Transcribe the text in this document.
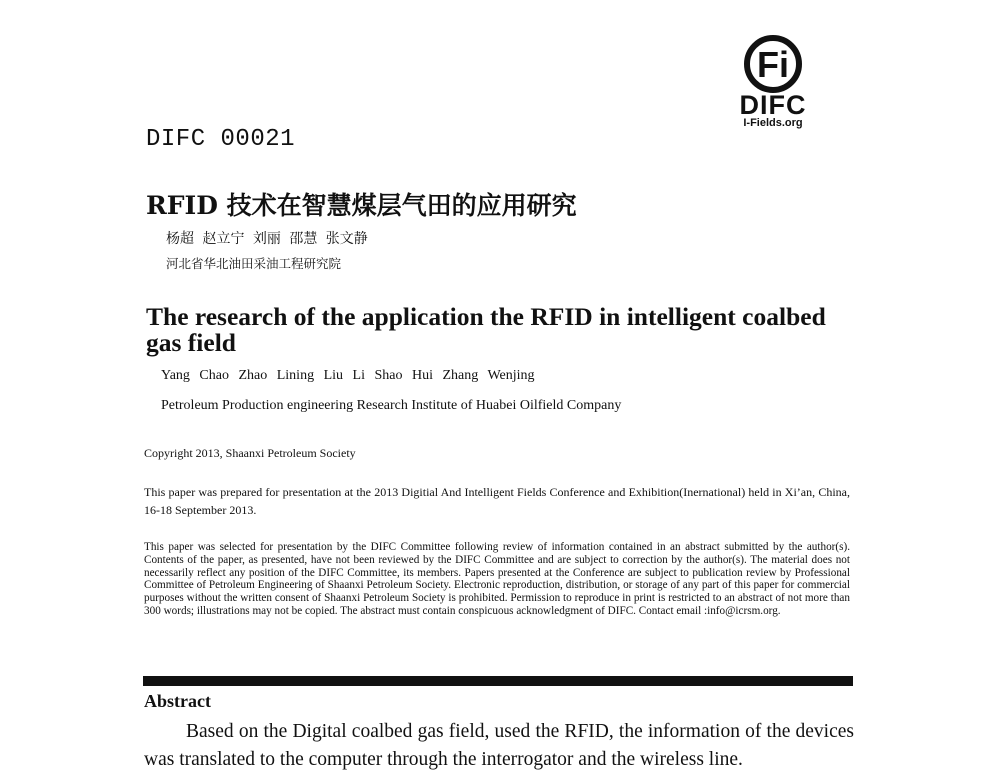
Fi
DIFC
I-Fields.org
DIFC 00021
RFID 技术在智慧煤层气田的应用研究
杨超 赵立宁 刘丽 邵慧 张文静
河北省华北油田采油工程研究院
The research of the application the RFID in intelligent coalbed gas field
Yang Chao Zhao Lining Liu Li Shao Hui Zhang Wenjing
Petroleum Production engineering Research Institute of Huabei Oilfield Company
Copyright 2013, Shaanxi Petroleum Society
This paper was prepared for presentation at the 2013 Digitial And Intelligent Fields Conference and Exhibition(Inernational) held in Xi’an, China, 16-18 September 2013.
This paper was selected for presentation by the DIFC Committee following review of information contained in an abstract submitted by the author(s). Contents of the paper, as presented, have not been reviewed by the DIFC Committee and are subject to correction by the author(s). The material does not necessarily reflect any position of the DIFC Committee, its members. Papers presented at the Conference are subject to publication review by Professional Committee of Petroleum Engineering of Shaanxi Petroleum Society. Electronic reproduction, distribution, or storage of any part of this paper for commercial purposes without the written consent of Shaanxi Petroleum Society is prohibited. Permission to reproduce in print is restricted to an abstract of not more than 300 words; illustrations may not be copied. The abstract must contain conspicuous acknowledgment of DIFC. Contact email :info@icrsm.org.
Abstract
Based on the Digital coalbed gas field, used the RFID, the information of the devices was translated to the computer through the interrogator and the wireless line.
